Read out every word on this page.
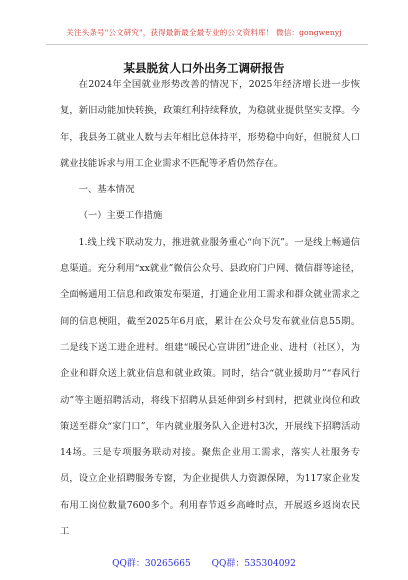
关注头条号"公文研究"，获得最新最全最专业的公文资料库！ 微信：gongwenyj
某县脱贫人口外出务工调研报告

在2024年全国就业形势改善的情况下，2025年经济增长进一步恢复，新旧动能加快转换，政策红利持续释放，为稳就业提供坚实支撑。今年，我县务工就业人数与去年相比总体持平，形势稳中向好，但脱贫人口就业技能诉求与用工企业需求不匹配等矛盾仍然存在。

一、基本情况

（一）主要工作措施

1.线上线下联动发力，推进就业服务重心“向下沉”。一是线上畅通信息渠道。充分利用“xx就业”微信公众号、县政府门户网、微信群等途径，全面畅通用工信息和政策发布渠道，打通企业用工需求和群众就业需求之间的信息梗阻，截至2025年6月底，累计在公众号发布就业信息55期。二是线下送工进企进村。组建“暖民心宣讲团”进企业、进村（社区），为企业和群众送上就业信息和就业政策。同时，结合“就业援助月”“春风行动”等主题招聘活动，将线下招聘从县延伸到乡村到村，把就业岗位和政策送至群众“家门口”，年内就业服务队入企进村3次，开展线下招聘活动14场。三是专项服务联动对接。聚焦企业用工需求，落实人社服务专员，设立企业招聘服务专窗，为企业提供人力资源保障，为117家企业发布用工岗位数量7600多个。利用春节返乡高峰时点，开展返乡返岗农民工

QQ群：30265665 QQ群：535304092
